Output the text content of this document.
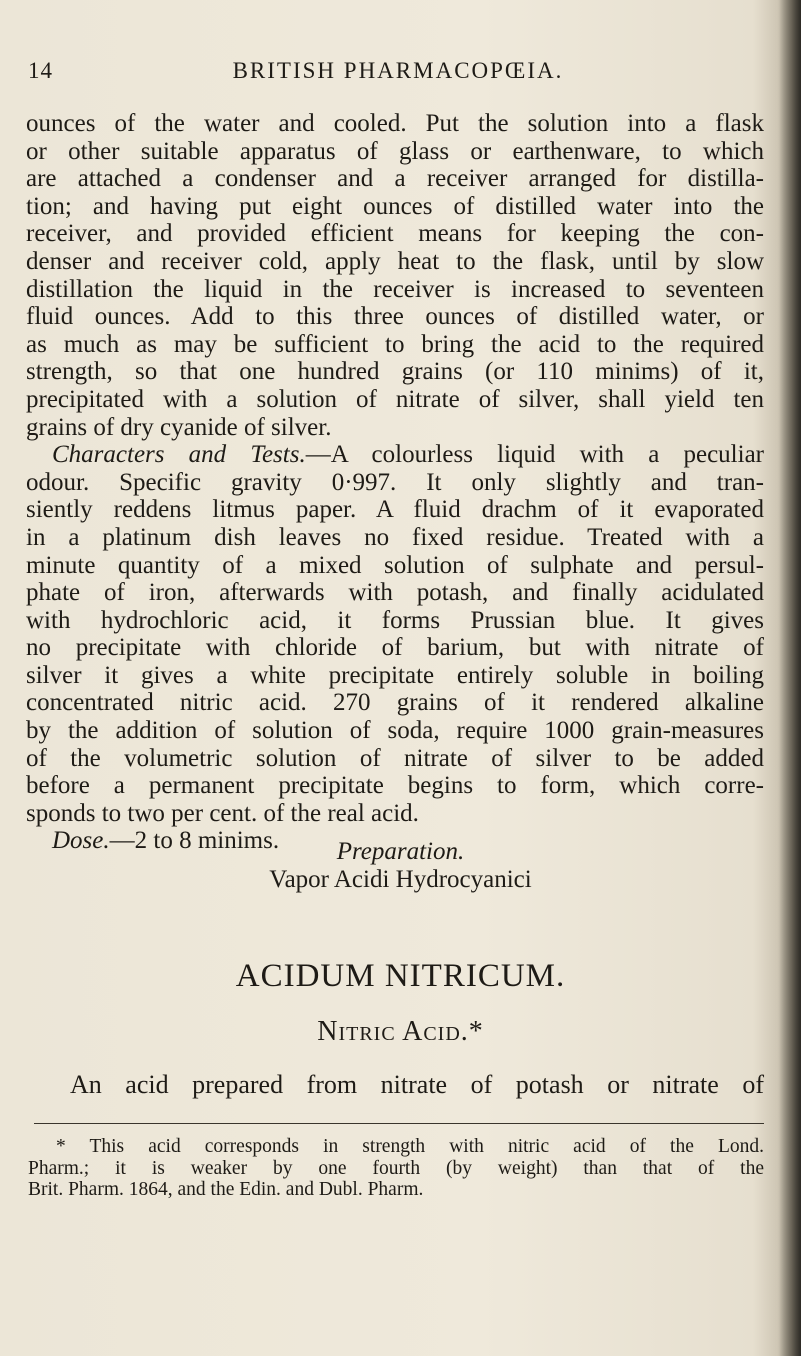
14	BRITISH PHARMACOPŒIA.
ounces of the water and cooled. Put the solution into a flask
or other suitable apparatus of glass or earthenware, to which
are attached a condenser and a receiver arranged for distilla-
tion; and having put eight ounces of distilled water into the
receiver, and provided efficient means for keeping the con-
denser and receiver cold, apply heat to the flask, until by slow
distillation the liquid in the receiver is increased to seventeen
fluid ounces. Add to this three ounces of distilled water, or
as much as may be sufficient to bring the acid to the required
strength, so that one hundred grains (or 110 minims) of it,
precipitated with a solution of nitrate of silver, shall yield ten
grains of dry cyanide of silver.
Characters and Tests.—A colourless liquid with a peculiar
odour. Specific gravity 0·997. It only slightly and tran-
siently reddens litmus paper. A fluid drachm of it evaporated
in a platinum dish leaves no fixed residue. Treated with a
minute quantity of a mixed solution of sulphate and persul-
phate of iron, afterwards with potash, and finally acidulated
with hydrochloric acid, it forms Prussian blue. It gives
no precipitate with chloride of barium, but with nitrate of
silver it gives a white precipitate entirely soluble in boiling
concentrated nitric acid. 270 grains of it rendered alkaline
by the addition of solution of soda, require 1000 grain-measures
of the volumetric solution of nitrate of silver to be added
before a permanent precipitate begins to form, which corre-
sponds to two per cent. of the real acid.
Dose.—2 to 8 minims.	Preparation.
Vapor Acidi Hydrocyanici
ACIDUM NITRICUM.
Nitric Acid.*
An acid prepared from nitrate of potash or nitrate of
* This acid corresponds in strength with nitric acid of the Lond.
Pharm.; it is weaker by one fourth (by weight) than that of the
Brit. Pharm. 1864, and the Edin. and Dubl. Pharm.
